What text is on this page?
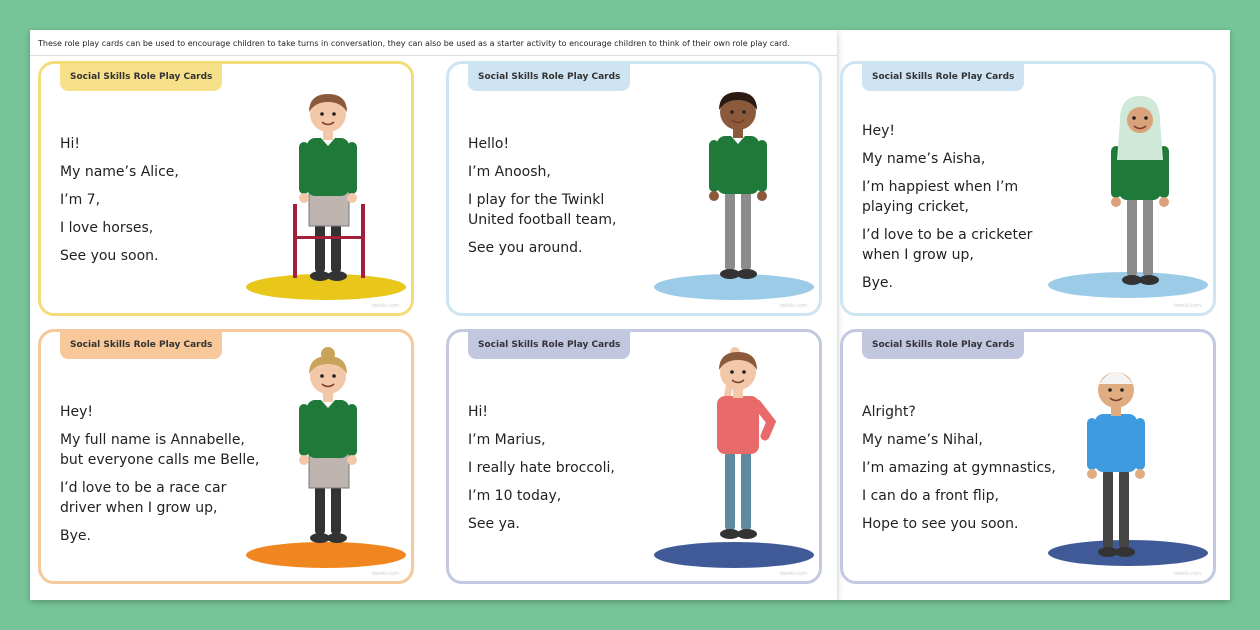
These role play cards can be used to encourage children to take turns in conversation, they can also be used as a starter activity to encourage children to think of their own role play card.
Social Skills Role Play Cards
Hi!
My name’s Alice,
I’m 7,
I love horses,
See you soon.
twinkl.com
Social Skills Role Play Cards
Hello!
I’m Anoosh,
I play for the Twinkl
United football team,
See you around.
twinkl.com
Social Skills Role Play Cards
Hey!
My name’s Aisha,
I’m happiest when I’m
playing cricket,
I’d love to be a cricketer
when I grow up,
Bye.
twinkl.com
Social Skills Role Play Cards
Hey!
My full name is Annabelle,
but everyone calls me Belle,
I’d love to be a race car
driver when I grow up,
Bye.
twinkl.com
Social Skills Role Play Cards
Hi!
I’m Marius,
I really hate broccoli,
I’m 10 today,
See ya.
twinkl.com
Social Skills Role Play Cards
Alright?
My name’s Nihal,
I’m amazing at gymnastics,
I can do a front flip,
Hope to see you soon.
twinkl.com
